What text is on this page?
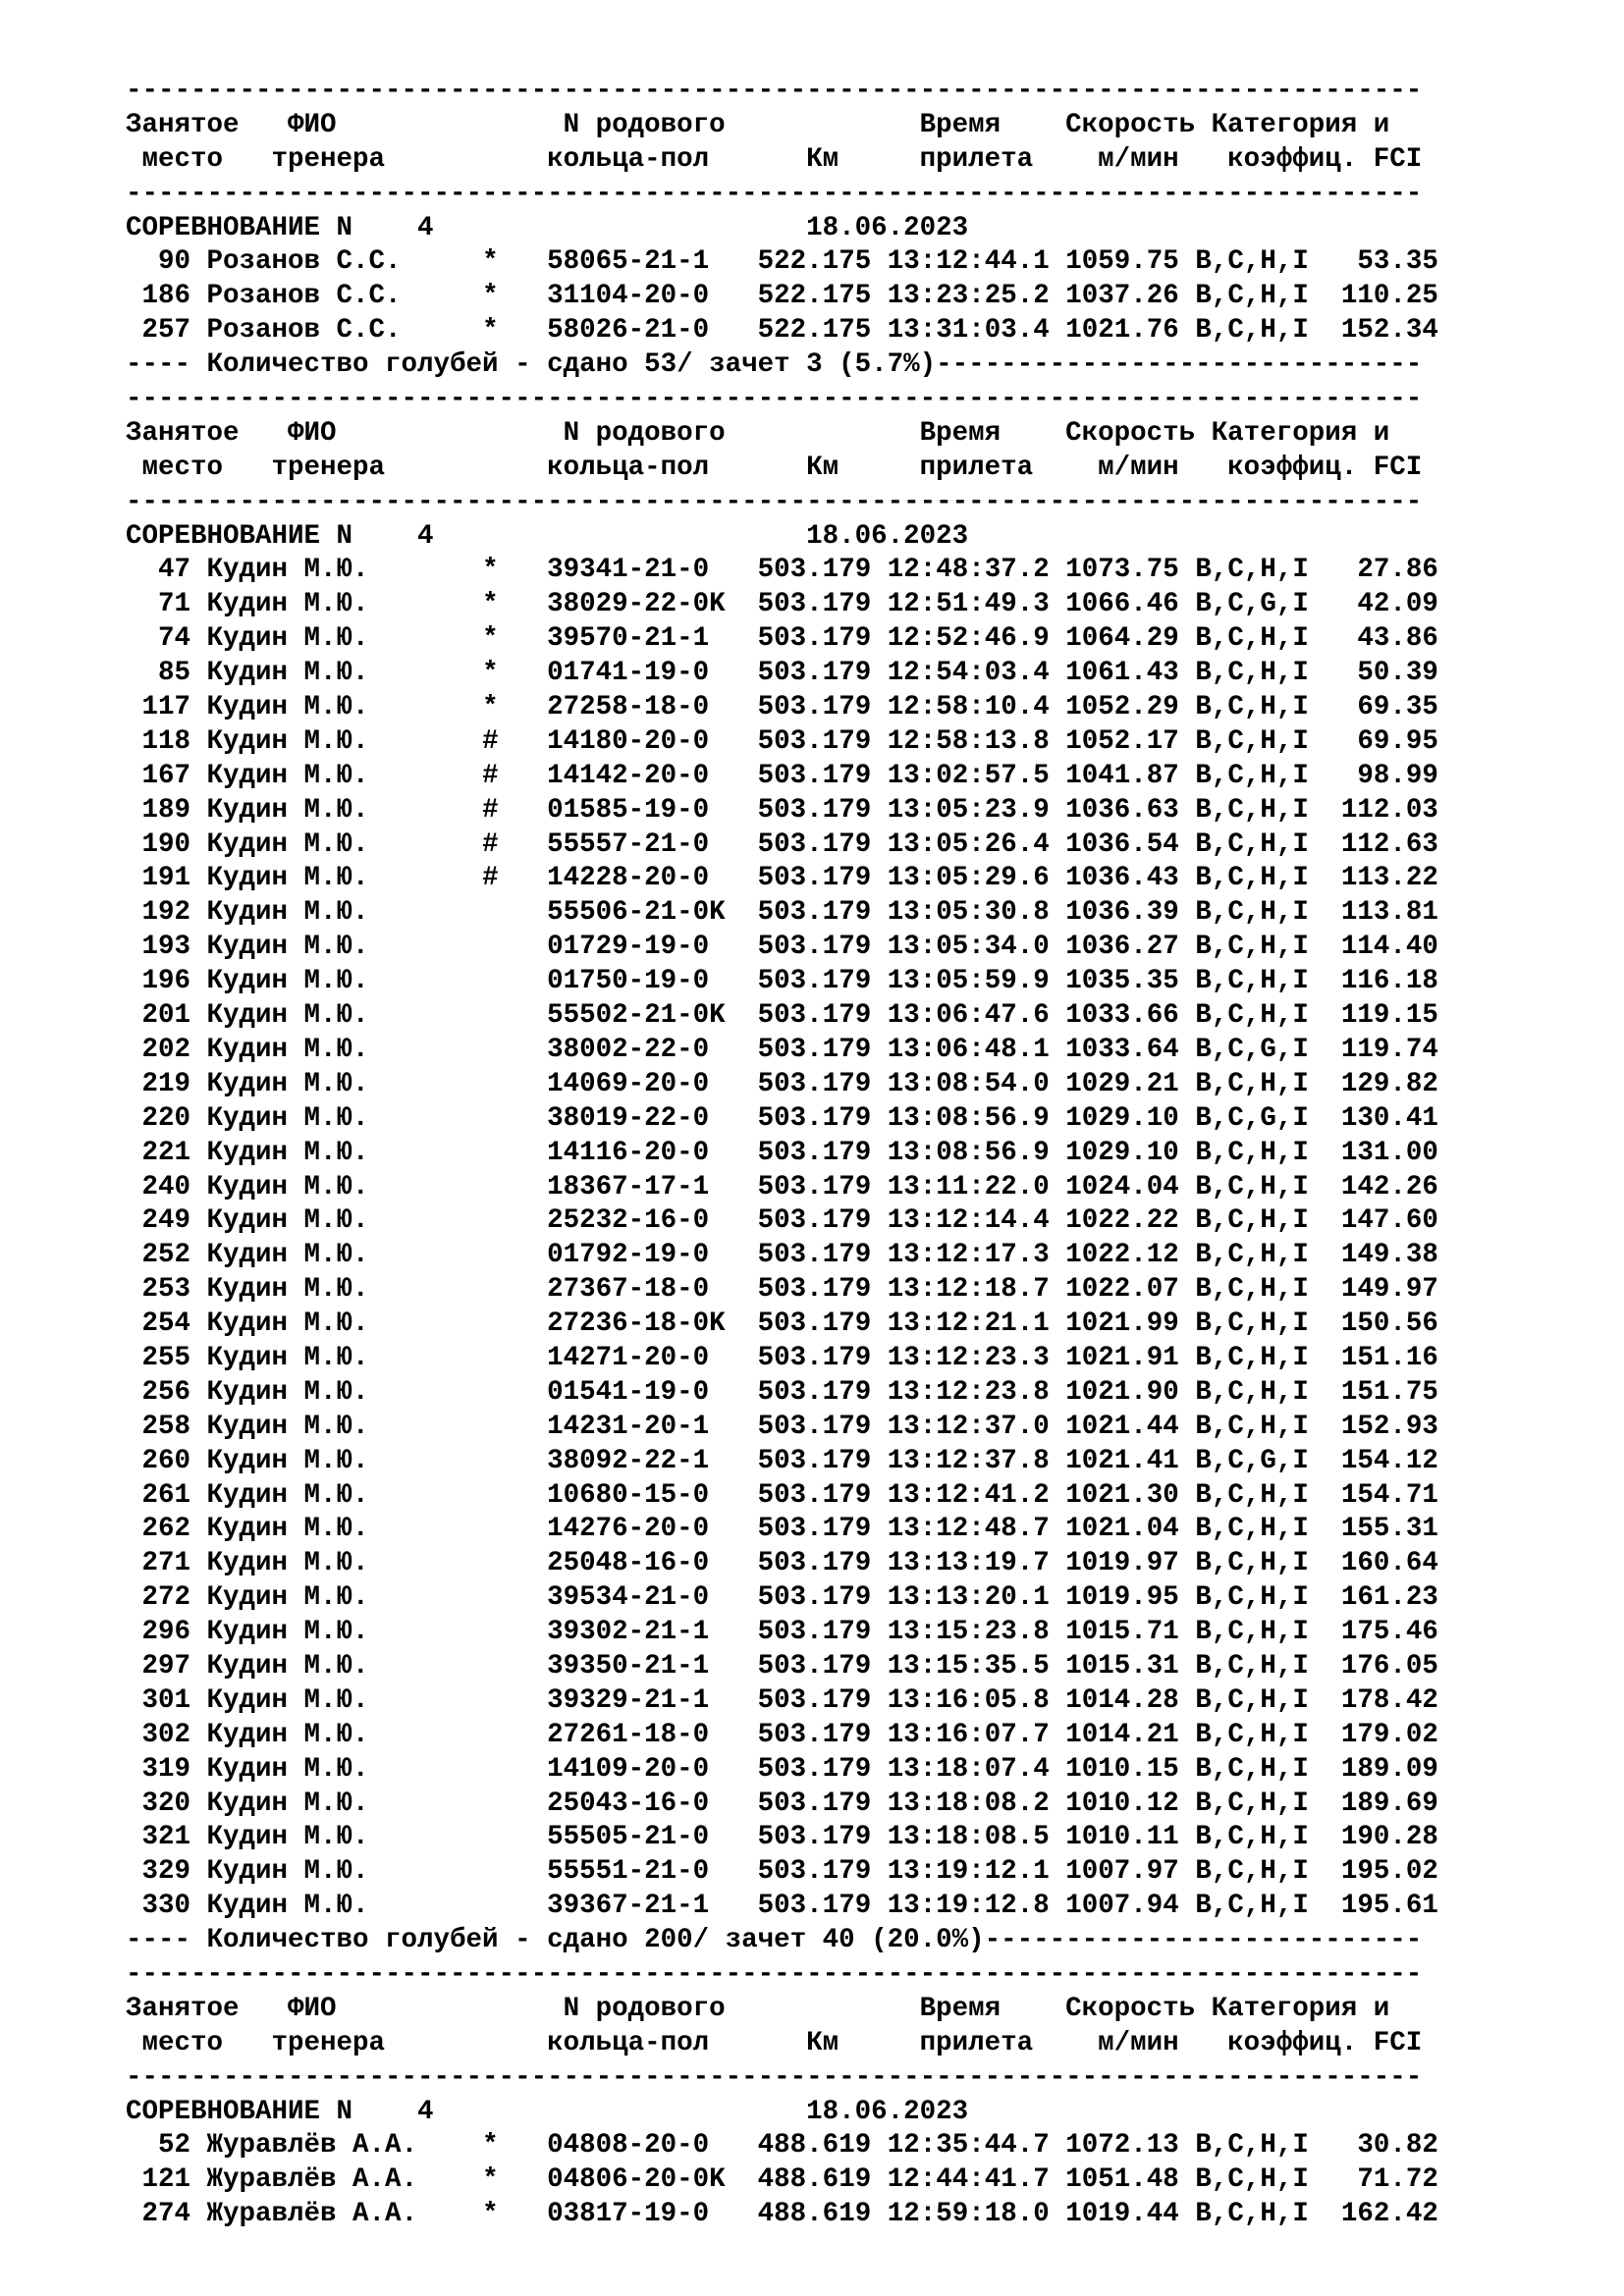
--------------------------------------------------------------------------------
Занятое   ФИО              N родового            Время    Скорость Категория и
место   тренера          кольца-пол      Км     прилета    м/мин   коэффиц. FCI
--------------------------------------------------------------------------------
СОРЕВНОВАНИЕ N    4                       18.06.2023
90 Розанов С.С.     * 58065-21-1   522.175 13:12:44.1 1059.75 B,C,H,I   53.35
186 Розанов С.С.     * 31104-20-0   522.175 13:23:25.2 1037.26 B,C,H,I  110.25
257 Розанов С.С.     * 58026-21-0   522.175 13:31:03.4 1021.76 B,C,H,I  152.34
---- Количество голубей - сдано 53/ зачет 3 (5.7%)------------------------------
--------------------------------------------------------------------------------
Занятое   ФИО              N родового            Время    Скорость Категория и
место   тренера          кольца-пол      Км     прилета    м/мин   коэффиц. FCI
--------------------------------------------------------------------------------
СОРЕВНОВАНИЕ N    4                       18.06.2023
47 Кудин М.Ю.       * 39341-21-0   503.179 12:48:37.2 1073.75 B,C,H,I   27.86
71 Кудин М.Ю.       * 38029-22-0K  503.179 12:51:49.3 1066.46 B,C,G,I   42.09
74 Кудин М.Ю.       * 39570-21-1   503.179 12:52:46.9 1064.29 B,C,H,I   43.86
85 Кудин М.Ю.       * 01741-19-0   503.179 12:54:03.4 1061.43 B,C,H,I   50.39
117 Кудин М.Ю.       * 27258-18-0   503.179 12:58:10.4 1052.29 B,C,H,I   69.35
118 Кудин М.Ю.       # 14180-20-0   503.179 12:58:13.8 1052.17 B,C,H,I   69.95
167 Кудин М.Ю.       # 14142-20-0   503.179 13:02:57.5 1041.87 B,C,H,I   98.99
189 Кудин М.Ю.       # 01585-19-0   503.179 13:05:23.9 1036.63 B,C,H,I  112.03
190 Кудин М.Ю.       # 55557-21-0   503.179 13:05:26.4 1036.54 B,C,H,I  112.63
191 Кудин М.Ю.       # 14228-20-0   503.179 13:05:29.6 1036.43 B,C,H,I  113.22
192 Кудин М.Ю.	55506-21-0K  503.179 13:05:30.8 1036.39 B,C,H,I  113.81
193 Кудин М.Ю.	01729-19-0   503.179 13:05:34.0 1036.27 B,C,H,I  114.40
196 Кудин М.Ю.	01750-19-0   503.179 13:05:59.9 1035.35 B,C,H,I  116.18
201 Кудин М.Ю.	55502-21-0K  503.179 13:06:47.6 1033.66 B,C,H,I  119.15
202 Кудин М.Ю.	38002-22-0   503.179 13:06:48.1 1033.64 B,C,G,I  119.74
219 Кудин М.Ю.	14069-20-0   503.179 13:08:54.0 1029.21 B,C,H,I  129.82
220 Кудин М.Ю.	38019-22-0   503.179 13:08:56.9 1029.10 B,C,G,I  130.41
221 Кудин М.Ю.	14116-20-0   503.179 13:08:56.9 1029.10 B,C,H,I  131.00
240 Кудин М.Ю.	18367-17-1   503.179 13:11:22.0 1024.04 B,C,H,I  142.26
249 Кудин М.Ю.	25232-16-0   503.179 13:12:14.4 1022.22 B,C,H,I  147.60
252 Кудин М.Ю.	01792-19-0   503.179 13:12:17.3 1022.12 B,C,H,I  149.38
253 Кудин М.Ю.	27367-18-0   503.179 13:12:18.7 1022.07 B,C,H,I  149.97
254 Кудин М.Ю.	27236-18-0K  503.179 13:12:21.1 1021.99 B,C,H,I  150.56
255 Кудин М.Ю.	14271-20-0   503.179 13:12:23.3 1021.91 B,C,H,I  151.16
256 Кудин М.Ю.	01541-19-0   503.179 13:12:23.8 1021.90 B,C,H,I  151.75
258 Кудин М.Ю.	14231-20-1   503.179 13:12:37.0 1021.44 B,C,H,I  152.93
260 Кудин М.Ю.	38092-22-1   503.179 13:12:37.8 1021.41 B,C,G,I  154.12
261 Кудин М.Ю.	10680-15-0   503.179 13:12:41.2 1021.30 B,C,H,I  154.71
262 Кудин М.Ю.	14276-20-0   503.179 13:12:48.7 1021.04 B,C,H,I  155.31
271 Кудин М.Ю.	25048-16-0   503.179 13:13:19.7 1019.97 B,C,H,I  160.64
272 Кудин М.Ю.	39534-21-0   503.179 13:13:20.1 1019.95 B,C,H,I  161.23
296 Кудин М.Ю.	39302-21-1   503.179 13:15:23.8 1015.71 B,C,H,I  175.46
297 Кудин М.Ю.	39350-21-1   503.179 13:15:35.5 1015.31 B,C,H,I  176.05
301 Кудин М.Ю.	39329-21-1   503.179 13:16:05.8 1014.28 B,C,H,I  178.42
302 Кудин М.Ю.	27261-18-0   503.179 13:16:07.7 1014.21 B,C,H,I  179.02
319 Кудин М.Ю.	14109-20-0   503.179 13:18:07.4 1010.15 B,C,H,I  189.09
320 Кудин М.Ю.	25043-16-0   503.179 13:18:08.2 1010.12 B,C,H,I  189.69
321 Кудин М.Ю.	55505-21-0   503.179 13:18:08.5 1010.11 B,C,H,I  190.28
329 Кудин М.Ю.	55551-21-0   503.179 13:19:12.1 1007.97 B,C,H,I  195.02
330 Кудин М.Ю.	39367-21-1   503.179 13:19:12.8 1007.94 B,C,H,I  195.61
---- Количество голубей - сдано 200/ зачет 40 (20.0%)---------------------------
--------------------------------------------------------------------------------
Занятое   ФИО              N родового            Время    Скорость Категория и
место   тренера          кольца-пол      Км     прилета    м/мин   коэффиц. FCI
--------------------------------------------------------------------------------
СОРЕВНОВАНИЕ N    4                       18.06.2023
52 Журавлёв А.А.    * 04808-20-0   488.619 12:35:44.7 1072.13 B,C,H,I   30.82
121 Журавлёв А.А.    * 04806-20-0K  488.619 12:44:41.7 1051.48 B,C,H,I   71.72
274 Журавлёв А.А.    * 03817-19-0   488.619 12:59:18.0 1019.44 B,C,H,I  162.42
